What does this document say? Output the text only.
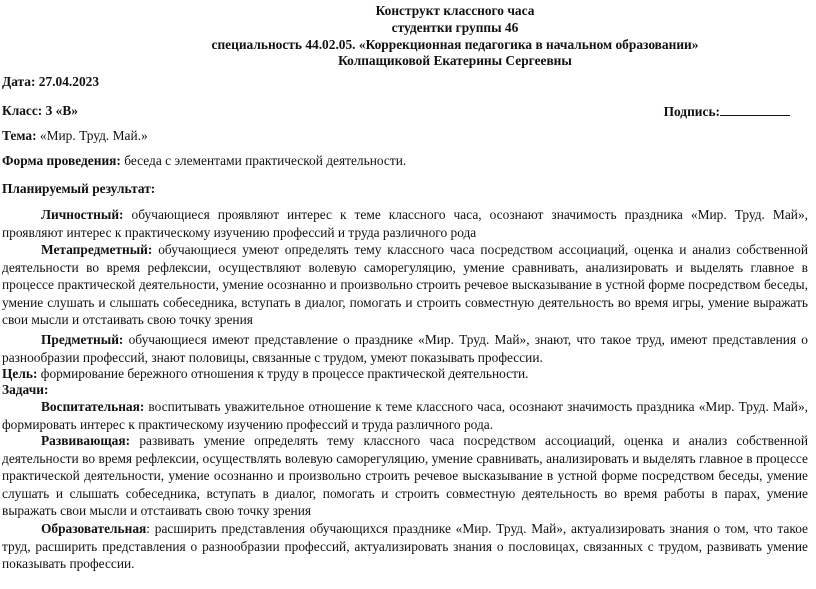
Конструкт классного часа
студентки группы 46
специальность 44.02.05. «Коррекционная педагогика в начальном образовании»
Колпащиковой Екатерины Сергеевны
Дата: 27.04.2023
Класс: 3 «В»	Подпись:
Тема: «Мир. Труд. Май.»
Форма проведения: беседа с элементами практической деятельности.
Планируемый результат:
Личностный: обучающиеся проявляют интерес к теме классного часа, осознают значимость праздника «Мир. Труд. Май», проявляют интерес к практическому изучению профессий и труда различного рода
Метапредметный: обучающиеся умеют определять тему классного часа посредством ассоциаций, оценка и анализ собственной деятельности во время рефлексии, осуществляют волевую саморегуляцию, умение сравнивать, анализировать и выделять главное в процессе практической деятельности, умение осознанно и произвольно строить речевое высказывание в устной форме посредством беседы, умение слушать и слышать собеседника, вступать в диалог, помогать и строить совместную деятельность во время игры, умение выражать свои мысли и отстаивать свою точку зрения
Предметный: обучающиеся имеют представление о празднике «Мир. Труд. Май», знают, что такое труд, имеют представления о разнообразии профессий, знают половицы, связанные с трудом, умеют показывать профессии.
Цель: формирование бережного отношения к труду в процессе практической деятельности.
Задачи:
Воспитательная: воспитывать уважительное отношение к теме классного часа, осознают значимость праздника «Мир. Труд. Май», формировать интерес к практическому изучению профессий и труда различного рода.
Развивающая: развивать умение определять тему классного часа посредством ассоциаций, оценка и анализ собственной деятельности во время рефлексии, осуществлять волевую саморегуляцию, умение сравнивать, анализировать и выделять главное в процессе практической деятельности, умение осознанно и произвольно строить речевое высказывание в устной форме посредством беседы, умение слушать и слышать собеседника, вступать в диалог, помогать и строить совместную деятельность во время работы в парах, умение выражать свои мысли и отстаивать свою точку зрения
Образовательная: расширить представления обучающихся празднике «Мир. Труд. Май», актуализировать знания о том, что такое труд, расширить представления о разнообразии профессий, актуализировать знания о пословицах, связанных с трудом, развивать умение показывать профессии.
